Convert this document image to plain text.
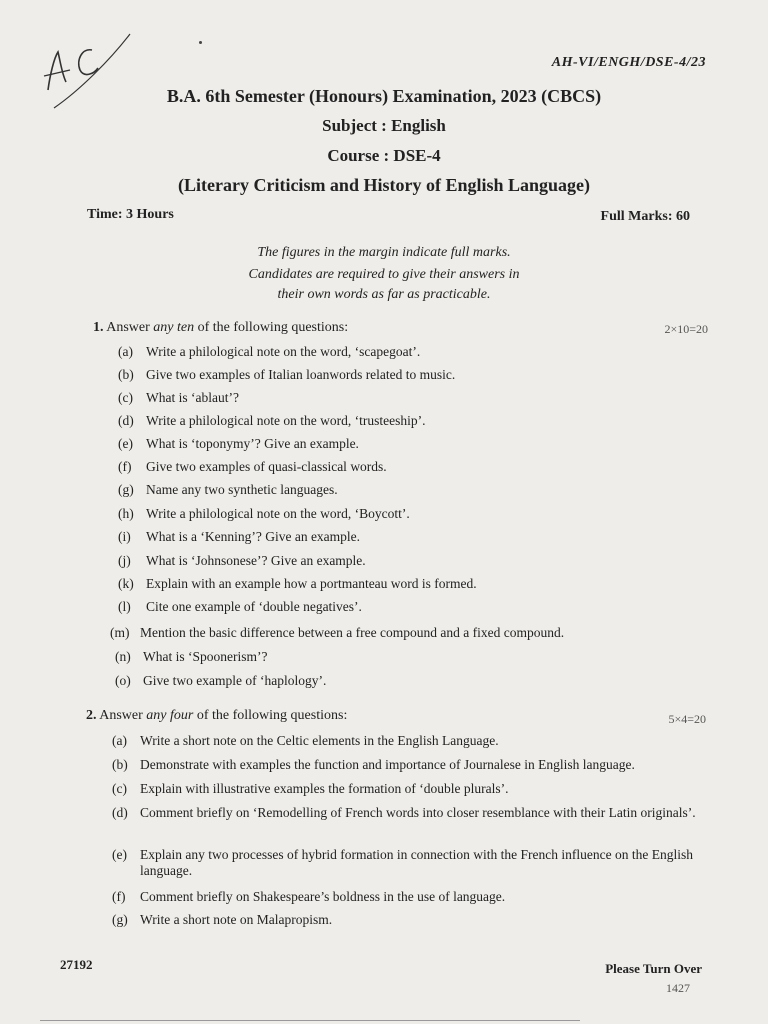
AH-VI/ENGH/DSE-4/23
B.A. 6th Semester (Honours) Examination, 2023 (CBCS)
Subject : English
Course : DSE-4
(Literary Criticism and History of English Language)
Time: 3 Hours	Full Marks: 60
The figures in the margin indicate full marks.
Candidates are required to give their answers in
their own words as far as practicable.
1. Answer any ten of the following questions:	2×10=20
(a) Write a philological note on the word, ‘scapegoat’.
(b) Give two examples of Italian loanwords related to music.
(c) What is ‘ablaut’?
(d) Write a philological note on the word, ‘trusteeship’.
(e) What is ‘toponymy’? Give an example.
(f) Give two examples of quasi-classical words.
(g) Name any two synthetic languages.
(h) Write a philological note on the word, ‘Boycott’.
(i) What is a ‘Kenning’? Give an example.
(j) What is ‘Johnsonese’? Give an example.
(k) Explain with an example how a portmanteau word is formed.
(l) Cite one example of ‘double negatives’.
(m) Mention the basic difference between a free compound and a fixed compound.
(n) What is ‘Spoonerism’?
(o) Give two example of ‘haplology’.
2. Answer any four of the following questions:	5×4=20
(a) Write a short note on the Celtic elements in the English Language.
(b) Demonstrate with examples the function and importance of Journalese in English language.
(c) Explain with illustrative examples the formation of ‘double plurals’.
(d) Comment briefly on ‘Remodelling of French words into closer resemblance with their Latin originals’.
(e) Explain any two processes of hybrid formation in connection with the French influence on the English language.
(f) Comment briefly on Shakespeare’s boldness in the use of language.
(g) Write a short note on Malapropism.
27192	Please Turn Over
1427
